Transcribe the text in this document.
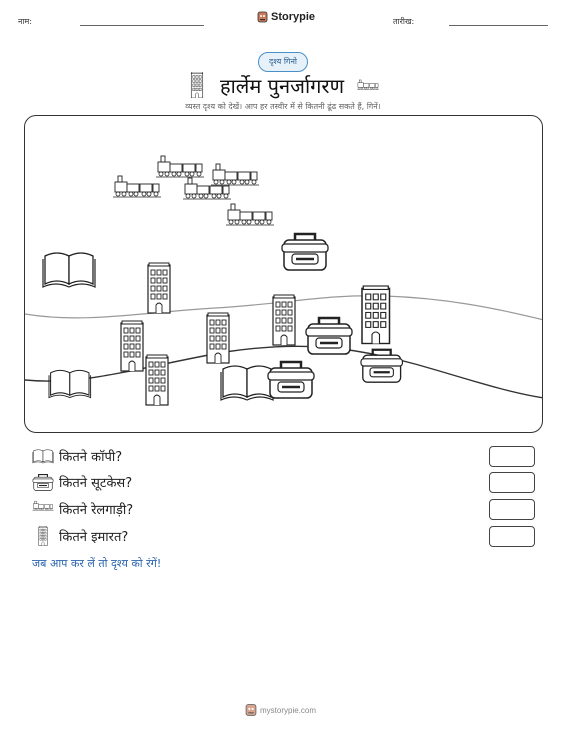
नाम:	Storypie	तारीख:
दृश्य गिनो
हार्लेम पुनर्जागरण
व्यस्त दृश्य को देखें। आप हर तस्वीर में से कितनी ढूंढ सकते हैं, गिनें।
कितने कॉपी?
कितने सूटकेस?
कितने रेलगाड़ी?
कितने इमारत?
जब आप कर लें तो दृश्य को रंगें!
mystorypie.com
